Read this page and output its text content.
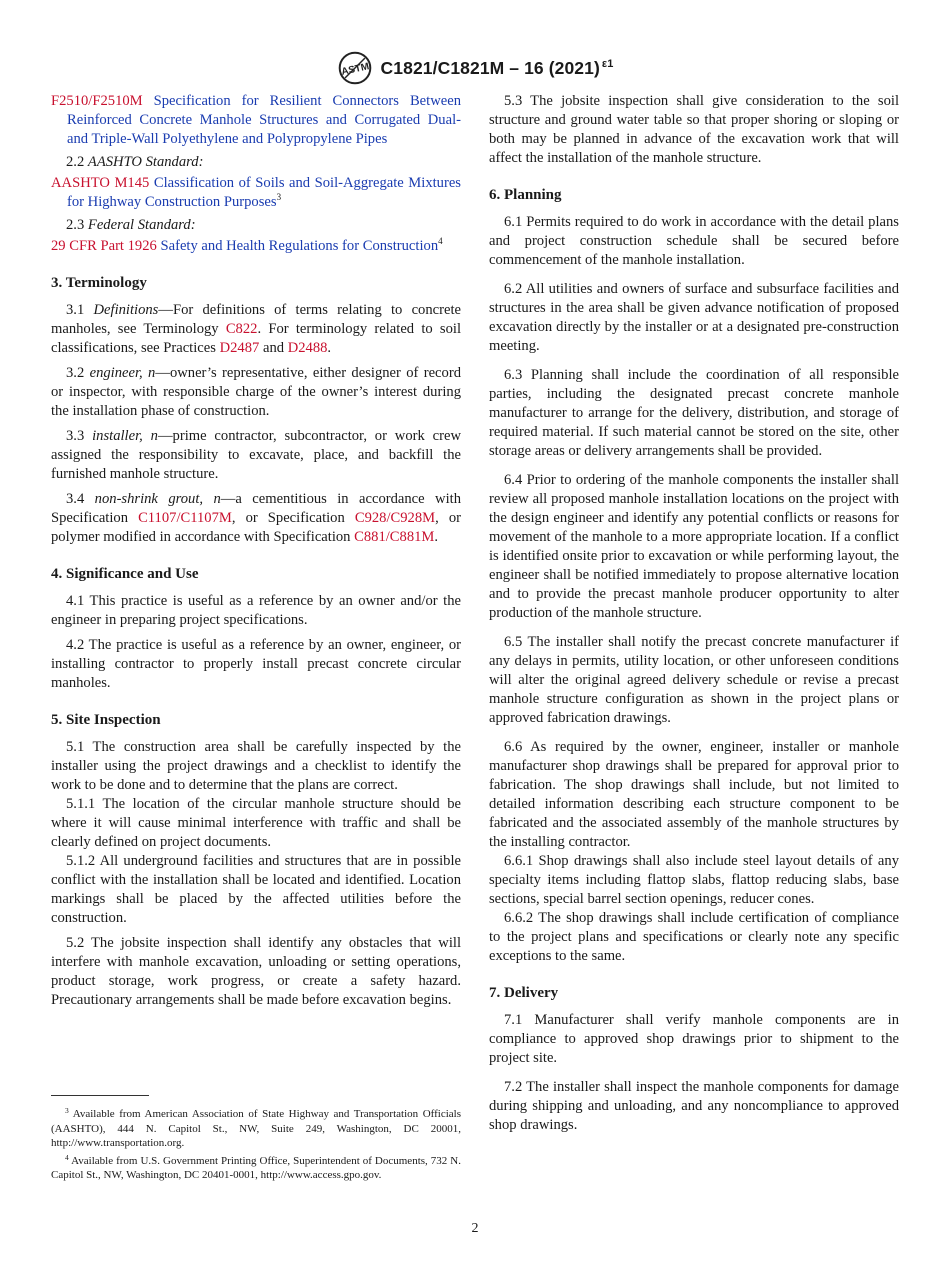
ASTM C1821/C1821M – 16 (2021) $^{\varepsilon 1}$

F2510/F2510M Specification for Resilient Connectors Between Reinforced Concrete Manhole Structures and Corrugated Dual- and Triple-Wall Polyethylene and Polypropylene Pipes

2.2 AASHTO Standard:

AASHTO M145 Classification of Soils and Soil-Aggregate Mixtures for Highway Construction Purposes$^3$

2.3 Federal Standard:

29 CFR Part 1926 Safety and Health Regulations for Construction$^4$

3. Terminology

3.1 Definitions—For definitions of terms relating to concrete manholes, see Terminology C822. For terminology related to soil classifications, see Practices D2487 and D2488.

3.2 engineer, n—owner’s representative, either designer of record or inspector, with responsible charge of the owner’s interest during the installation phase of construction.

3.3 installer, n—prime contractor, subcontractor, or work crew assigned the responsibility to excavate, place, and backfill the furnished manhole structure.

3.4 non-shrink grout, n—a cementitious in accordance with Specification C1107/C1107M, or Specification C928/C928M, or polymer modified in accordance with Specification C881/C881M.

4. Significance and Use

4.1 This practice is useful as a reference by an owner and/or the engineer in preparing project specifications.

4.2 The practice is useful as a reference by an owner, engineer, or installing contractor to properly install precast concrete circular manholes.

5. Site Inspection

5.1 The construction area shall be carefully inspected by the installer using the project drawings and a checklist to identify the work to be done and to determine that the plans are correct.

5.1.1 The location of the circular manhole structure should be where it will cause minimal interference with traffic and shall be clearly defined on project documents.

5.1.2 All underground facilities and structures that are in possible conflict with the installation shall be located and identified. Location markings shall be placed by the affected utilities before the construction.

5.2 The jobsite inspection shall identify any obstacles that will interfere with manhole excavation, unloading or setting operations, product storage, work progress, or create a safety hazard. Precautionary arrangements shall be made before excavation begins.

5.3 The jobsite inspection shall give consideration to the soil structure and ground water table so that proper shoring or sloping or both may be planned in advance of the excavation work that will affect the installation of the manhole structure.

6. Planning

6.1 Permits required to do work in accordance with the detail plans and project construction schedule shall be secured before commencement of the manhole installation.

6.2 All utilities and owners of surface and subsurface facilities and structures in the area shall be given advance notification of proposed excavation directly by the installer or at a designated pre-construction meeting.

6.3 Planning shall include the coordination of all responsible parties, including the designated precast concrete manhole manufacturer to arrange for the delivery, distribution, and storage of required material. If such material cannot be stored on the site, other storage areas or delivery arrangements shall be provided.

6.4 Prior to ordering of the manhole components the installer shall review all proposed manhole installation locations on the project with the design engineer and identify any potential conflicts or reasons for movement of the manhole to a more appropriate location. If a conflict is identified onsite prior to excavation or while performing layout, the engineer shall be notified immediately to propose alternative location and to provide the precast manhole producer opportunity to alter production of the manhole structure.

6.5 The installer shall notify the precast concrete manufacturer if any delays in permits, utility location, or other unforeseen conditions will alter the original agreed delivery schedule or revise a precast manhole structure configuration as shown in the project plans or approved fabrication drawings.

6.6 As required by the owner, engineer, installer or manhole manufacturer shop drawings shall be prepared for approval prior to fabrication. The shop drawings shall include, but not limited to detailed information describing each structure component to be fabricated and the associated assembly of the manhole structures by the installing contractor.

6.6.1 Shop drawings shall also include steel layout details of any specialty items including flattop slabs, flattop reducing slabs, base sections, special barrel section openings, reducer cones.

6.6.2 The shop drawings shall include certification of compliance to the project plans and specifications or clearly note any specific exceptions to the same.

7. Delivery

7.1 Manufacturer shall verify manhole components are in compliance to approved shop drawings prior to shipment to the project site.

7.2 The installer shall inspect the manhole components for damage during shipping and unloading, and any noncompliance to approved shop drawings.

$^3$ Available from American Association of State Highway and Transportation Officials (AASHTO), 444 N. Capitol St., NW, Suite 249, Washington, DC 20001, http://www.transportation.org.

$^4$ Available from U.S. Government Printing Office, Superintendent of Documents, 732 N. Capitol St., NW, Washington, DC 20401-0001, http://www.access.gpo.gov.

2
